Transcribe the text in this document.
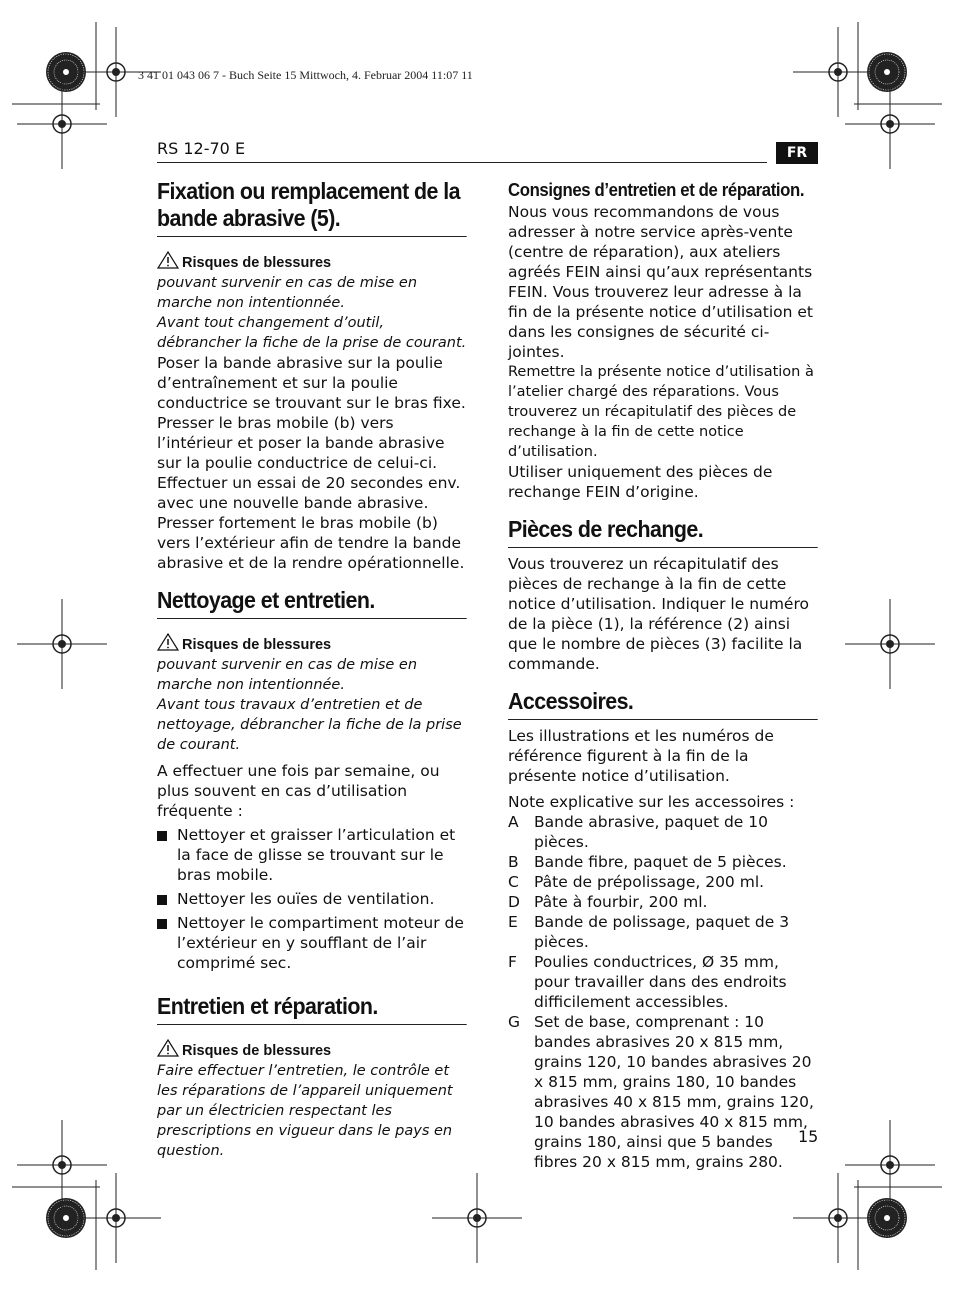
3 41 01 043 06 7 - Buch Seite 15 Mittwoch, 4. Februar 2004 11:07 11
RS 12-70 E	FR
15
Fixation ou remplacement de la bande abrasive (5).
Risques de blessures

pouvant survenir en cas de mise en marche non intentionnée.

Avant tout changement d’outil, débrancher la fiche de la prise de courant.

Poser la bande abrasive sur la poulie d’entraînement et sur la poulie conductrice se trouvant sur le bras fixe. Presser le bras mobile (b) vers l’intérieur et poser la bande abrasive sur la poulie conductrice de celui-ci.

Effectuer un essai de 20 secondes env. avec une nouvelle bande abrasive. Presser fortement le bras mobile (b) vers l’extérieur afin de tendre la bande abrasive et de la rendre opérationnelle.

Nettoyage et entretien.
Risques de blessures

pouvant survenir en cas de mise en marche non intentionnée.

Avant tous travaux d’entretien et de nettoyage, débrancher la fiche de la prise de courant.

A effectuer une fois par semaine, ou plus souvent en cas d’utilisation fréquente :

Nettoyer et graisser l’articulation et la face de glisse se trouvant sur le bras mobile.
Nettoyer les ouïes de ventilation.
Nettoyer le compartiment moteur de l’extérieur en y soufflant de l’air comprimé sec.
Entretien et réparation.
Risques de blessures

Faire effectuer l’entretien, le contrôle et les réparations de l’appareil uniquement par un électricien respectant les prescriptions en vigueur dans le pays en question.

Consignes d’entretien et de réparation.

Nous vous recommandons de vous adresser à notre service après-vente (centre de réparation), aux ateliers agréés FEIN ainsi qu’aux représentants FEIN. Vous trouverez leur adresse à la fin de la présente notice d’utilisation et dans les consignes de sécurité ci-jointes.

Remettre la présente notice d’utilisation à l’atelier chargé des réparations. Vous trouverez un récapitulatif des pièces de rechange à la fin de cette notice d’utilisation.

Utiliser uniquement des pièces de rechange FEIN d’origine.

Pièces de rechange.

Vous trouverez un récapitulatif des pièces de rechange à la fin de cette notice d’utilisation. Indiquer le numéro de la pièce (1), la référence (2) ainsi que le nombre de pièces (3) facilite la commande.

Accessoires.

Les illustrations et les numéros de référence figurent à la fin de la présente notice d’utilisation.

Note explicative sur les accessoires :

A Bande abrasive, paquet de 10 pièces.
B Bande fibre, paquet de 5 pièces.
C Pâte de prépolissage, 200 ml.
D Pâte à fourbir, 200 ml.
E	Bande de polissage, paquet de 3 pièces.
F	Poulies conductrices, Ø 35 mm, pour travailler dans des endroits difficilement accessibles.
G Set de base, comprenant : 10 bandes abrasives 20 x 815 mm, grains 120, 10 bandes abrasives 20 x 815 mm, grains 180, 10 bandes abrasives 40 x 815 mm, grains 120, 10 bandes abrasives 40 x 815 mm, grains 180, ainsi que 5 bandes fibres 20 x 815 mm, grains 280.
